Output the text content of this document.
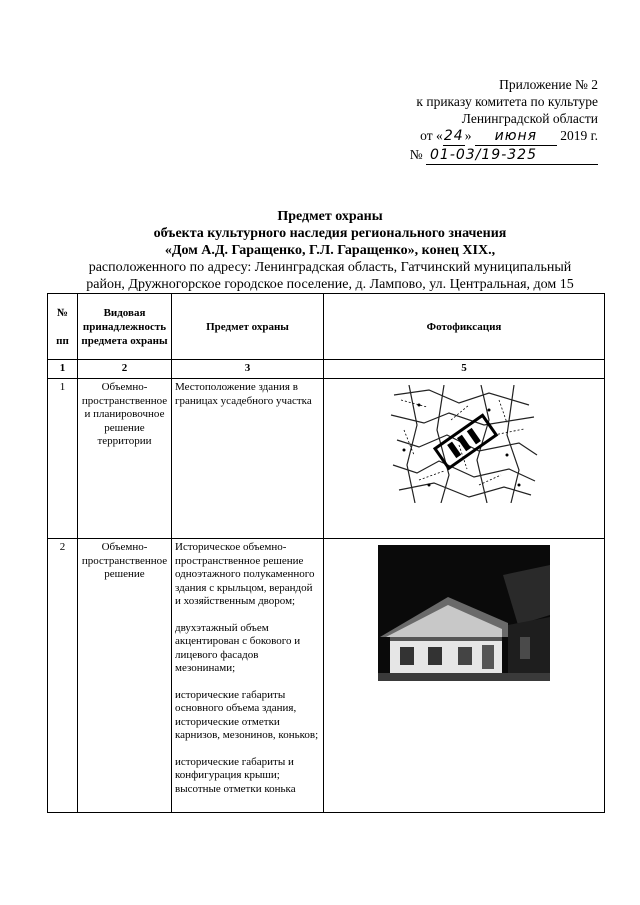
Приложение № 2
к приказу комитета по культуре
Ленинградской области
от «24» июня 2019 г.
№ 01-03/19-325
Предмет охраны
объекта культурного наследия регионального значения
«Дом А.Д. Гаращенко, Г.Л. Гаращенко», конец XIX.,
расположенного по адресу: Ленинградская область, Гатчинский муниципальный
район, Дружногорское городское поселение, д. Лампово, ул. Центральная, дом 15
№

пп	Видовая принадлежность предмета охраны	Предмет охраны	Фотофиксация
1	2	3	5
1	Объемно-пространственное и планировочное решение территории	Местоположение здания в границах усадебного участка

2	Объемно-пространственное решение	Историческое объемно-пространственное решение одноэтажного полукаменного здания с крыльцом, верандой и хозяйственным двором;

двухэтажный объем акцентирован с бокового и лицевого фасадов мезонинами;

исторические габариты основного объема здания, исторические отметки карнизов, мезонинов, коньков;

исторические габариты и конфигурация крыши; высотные отметки конька
